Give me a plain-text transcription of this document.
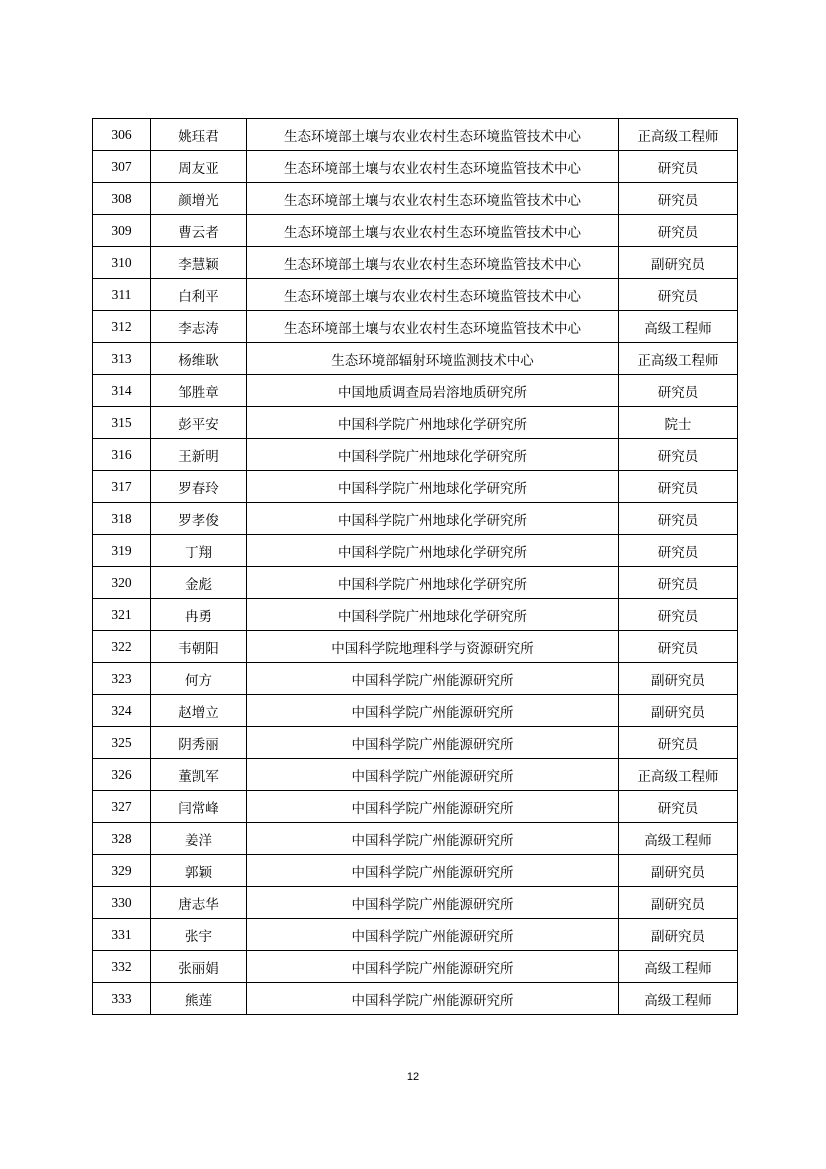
306	姚珏君	生态环境部土壤与农业农村生态环境监管技术中心	正高级工程师
307	周友亚	生态环境部土壤与农业农村生态环境监管技术中心	研究员
308	颜增光	生态环境部土壤与农业农村生态环境监管技术中心	研究员
309	曹云者	生态环境部土壤与农业农村生态环境监管技术中心	研究员
310	李慧颖	生态环境部土壤与农业农村生态环境监管技术中心	副研究员
311	白利平	生态环境部土壤与农业农村生态环境监管技术中心	研究员
312	李志涛	生态环境部土壤与农业农村生态环境监管技术中心	高级工程师
313	杨维耿	生态环境部辐射环境监测技术中心	正高级工程师
314	邹胜章	中国地质调查局岩溶地质研究所	研究员
315	彭平安	中国科学院广州地球化学研究所	院士
316	王新明	中国科学院广州地球化学研究所	研究员
317	罗春玲	中国科学院广州地球化学研究所	研究员
318	罗孝俊	中国科学院广州地球化学研究所	研究员
319	丁翔	中国科学院广州地球化学研究所	研究员
320	金彪	中国科学院广州地球化学研究所	研究员
321	冉勇	中国科学院广州地球化学研究所	研究员
322	韦朝阳	中国科学院地理科学与资源研究所	研究员
323	何方	中国科学院广州能源研究所	副研究员
324	赵增立	中国科学院广州能源研究所	副研究员
325	阴秀丽	中国科学院广州能源研究所	研究员
326	董凯军	中国科学院广州能源研究所	正高级工程师
327	闫常峰	中国科学院广州能源研究所	研究员
328	姜洋	中国科学院广州能源研究所	高级工程师
329	郭颖	中国科学院广州能源研究所	副研究员
330	唐志华	中国科学院广州能源研究所	副研究员
331	张宇	中国科学院广州能源研究所	副研究员
332	张丽娟	中国科学院广州能源研究所	高级工程师
333	熊莲	中国科学院广州能源研究所	高级工程师
12
